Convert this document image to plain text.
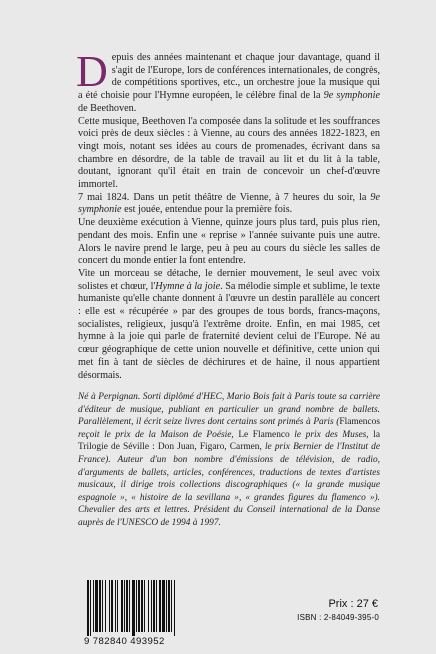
Depuis des années maintenant et chaque jour davantage, quand il s'agit de l'Europe, lors de conférences internationales, de congrès, de compétitions sportives, etc., un orchestre joue la musique qui a été choisie pour l'Hymne européen, le célèbre final de la 9e symphonie de Beethoven.

Cette musique, Beethoven l'a composée dans la solitude et les souffrances voici près de deux siècles : à Vienne, au cours des années 1822-1823, en vingt mois, notant ses idées au cours de promenades, écrivant dans sa chambre en désordre, de la table de travail au lit et du lit à la table, doutant, ignorant qu'il était en train de concevoir un chef-d'œuvre immortel.

7 mai 1824. Dans un petit théâtre de Vienne, à 7 heures du soir, la 9e symphonie est jouée, entendue pour la première fois.

Une deuxième exécution à Vienne, quinze jours plus tard, puis plus rien, pendant des mois. Enfin une « reprise » l'année suivante puis une autre. Alors le navire prend le large, peu à peu au cours du siècle les salles de concert du monde entier la font entendre.

Vite un morceau se détache, le dernier mouvement, le seul avec voix solistes et chœur, l'Hymne à la joie. Sa mélodie simple et sublime, le texte humaniste qu'elle chante donnent à l'œuvre un destin parallèle au concert : elle est « récupérée » par des groupes de tous bords, francs-maçons, socialistes, religieux, jusqu'à l'extrême droite. Enfin, en mai 1985, cet hymne à la joie qui parle de fraternité devient celui de l'Europe. Né au cœur géographique de cette union nouvelle et définitive, cette union qui met fin à tant de siècles de déchirures et de haine, il nous appartient désormais.

Né à Perpignan. Sorti diplômé d'HEC, Mario Bois fait à Paris toute sa carrière d'éditeur de musique, publiant en particulier un grand nombre de ballets. Parallèlement, il écrit seize livres dont certains sont primés à Paris (Flamencos reçoit le prix de la Maison de Poésie, Le Flamenco le prix des Muses, la Trilogie de Séville : Don Juan, Figaro, Carmen, le prix Bernier de l'Institut de France). Auteur d'un bon nombre d'émissions de télévision, de radio, d'arguments de ballets, articles, conférences, traductions de textes d'artistes musicaux, il dirige trois collections discographiques (« la grande musique espagnole », « histoire de la sevillana », « grandes figures du flamenco »). Chevalier des arts et lettres. Président du Conseil international de la Danse auprès de l'UNESCO de 1994 à 1997.

9 782840 493952
Prix : 27 €
ISBN : 2-84049-395-0
